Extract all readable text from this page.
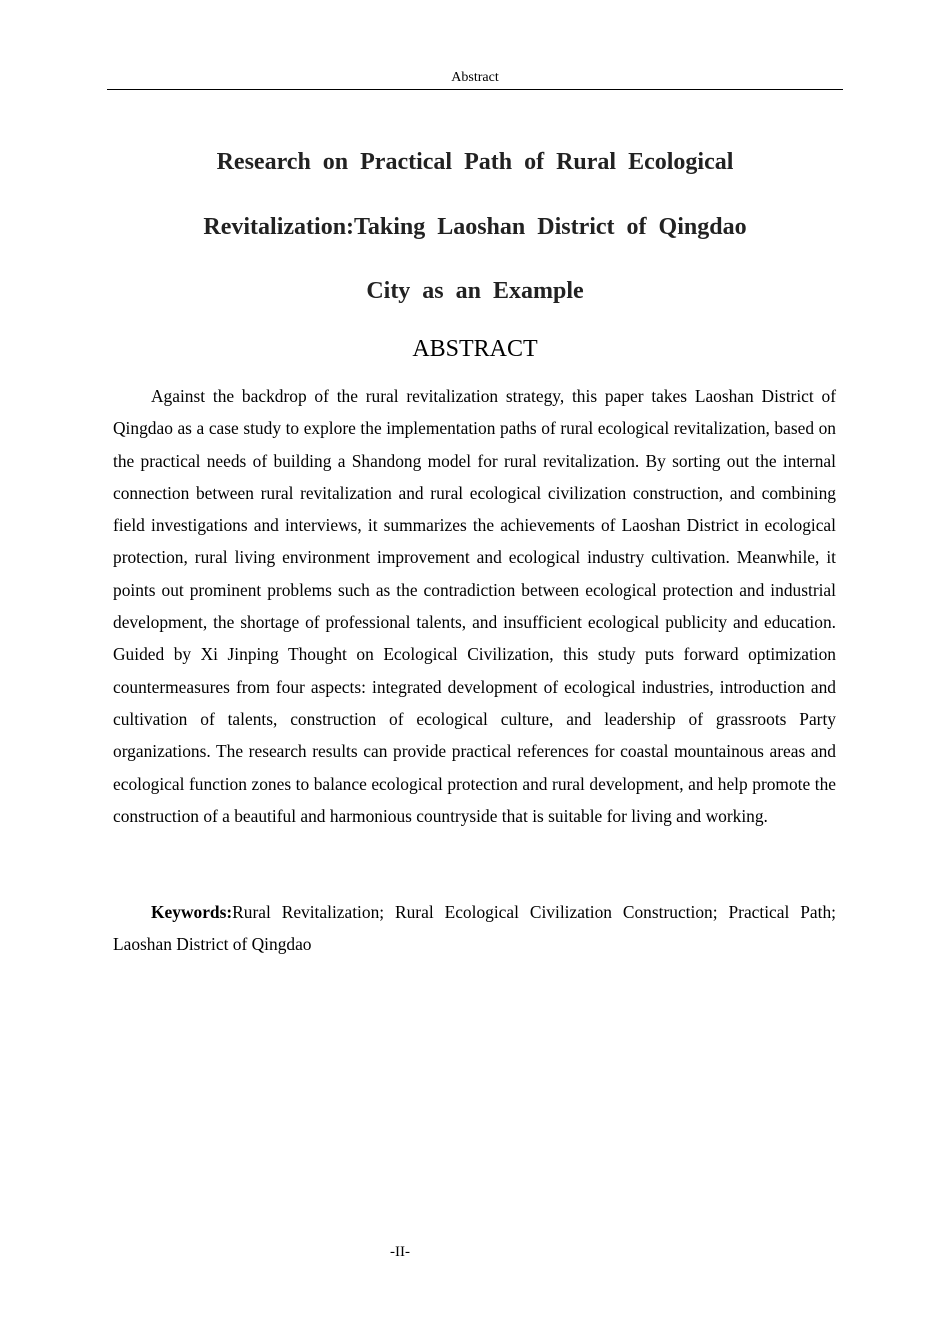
Abstract
Research on Practical Path of Rural Ecological
Revitalization:Taking Laoshan District of Qingdao
City as an Example
ABSTRACT

Against the backdrop of the rural revitalization strategy, this paper takes Laoshan District of Qingdao as a case study to explore the implementation paths of rural ecological revitalization, based on the practical needs of building a Shandong model for rural revitalization. By sorting out the internal connection between rural revitalization and rural ecological civilization construction, and combining field investigations and interviews, it summarizes the achievements of Laoshan District in ecological protection, rural living environment improvement and ecological industry cultivation. Meanwhile, it points out prominent problems such as the contradiction between ecological protection and industrial development, the shortage of professional talents, and insufficient ecological publicity and education. Guided by Xi Jinping Thought on Ecological Civilization, this study puts forward optimization countermeasures from four aspects: integrated development of ecological industries, introduction and cultivation of talents, construction of ecological culture, and leadership of grassroots Party organizations. The research results can provide practical references for coastal mountainous areas and ecological function zones to balance ecological protection and rural development, and help promote the construction of a beautiful and harmonious countryside that is suitable for living and working.

Keywords:Rural Revitalization; Rural Ecological Civilization Construction; Practical Path; Laoshan District of Qingdao

-II-
